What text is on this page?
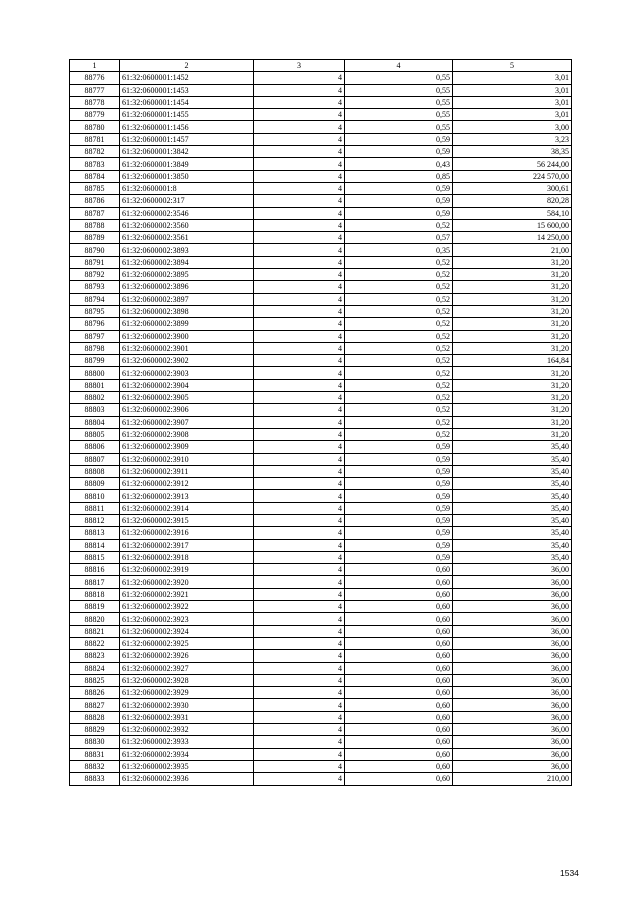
1	2	3	4	5
88776	61:32:0600001:1452	4	0,55	3,01
88777	61:32:0600001:1453	4	0,55	3,01
88778	61:32:0600001:1454	4	0,55	3,01
88779	61:32:0600001:1455	4	0,55	3,01
88780	61:32:0600001:1456	4	0,55	3,00
88781	61:32:0600001:1457	4	0,59	3,23
88782	61:32:0600001:3842	4	0,59	38,35
88783	61:32:0600001:3849	4	0,43	56 244,00
88784	61:32:0600001:3850	4	0,85	224 570,00
88785	61:32:0600001:8	4	0,59	300,61
88786	61:32:0600002:317	4	0,59	820,28
88787	61:32:0600002:3546	4	0,59	584,10
88788	61:32:0600002:3560	4	0,52	15 600,00
88789	61:32:0600002:3561	4	0,57	14 250,00
88790	61:32:0600002:3893	4	0,35	21,00
88791	61:32:0600002:3894	4	0,52	31,20
88792	61:32:0600002:3895	4	0,52	31,20
88793	61:32:0600002:3896	4	0,52	31,20
88794	61:32:0600002:3897	4	0,52	31,20
88795	61:32:0600002:3898	4	0,52	31,20
88796	61:32:0600002:3899	4	0,52	31,20
88797	61:32:0600002:3900	4	0,52	31,20
88798	61:32:0600002:3901	4	0,52	31,20
88799	61:32:0600002:3902	4	0,52	164,84
88800	61:32:0600002:3903	4	0,52	31,20
88801	61:32:0600002:3904	4	0,52	31,20
88802	61:32:0600002:3905	4	0,52	31,20
88803	61:32:0600002:3906	4	0,52	31,20
88804	61:32:0600002:3907	4	0,52	31,20
88805	61:32:0600002:3908	4	0,52	31,20
88806	61:32:0600002:3909	4	0,59	35,40
88807	61:32:0600002:3910	4	0,59	35,40
88808	61:32:0600002:3911	4	0,59	35,40
88809	61:32:0600002:3912	4	0,59	35,40
88810	61:32:0600002:3913	4	0,59	35,40
88811	61:32:0600002:3914	4	0,59	35,40
88812	61:32:0600002:3915	4	0,59	35,40
88813	61:32:0600002:3916	4	0,59	35,40
88814	61:32:0600002:3917	4	0,59	35,40
88815	61:32:0600002:3918	4	0,59	35,40
88816	61:32:0600002:3919	4	0,60	36,00
88817	61:32:0600002:3920	4	0,60	36,00
88818	61:32:0600002:3921	4	0,60	36,00
88819	61:32:0600002:3922	4	0,60	36,00
88820	61:32:0600002:3923	4	0,60	36,00
88821	61:32:0600002:3924	4	0,60	36,00
88822	61:32:0600002:3925	4	0,60	36,00
88823	61:32:0600002:3926	4	0,60	36,00
88824	61:32:0600002:3927	4	0,60	36,00
88825	61:32:0600002:3928	4	0,60	36,00
88826	61:32:0600002:3929	4	0,60	36,00
88827	61:32:0600002:3930	4	0,60	36,00
88828	61:32:0600002:3931	4	0,60	36,00
88829	61:32:0600002:3932	4	0,60	36,00
88830	61:32:0600002:3933	4	0,60	36,00
88831	61:32:0600002:3934	4	0,60	36,00
88832	61:32:0600002:3935	4	0,60	36,00
88833	61:32:0600002:3936	4	0,60	210,00
1534
